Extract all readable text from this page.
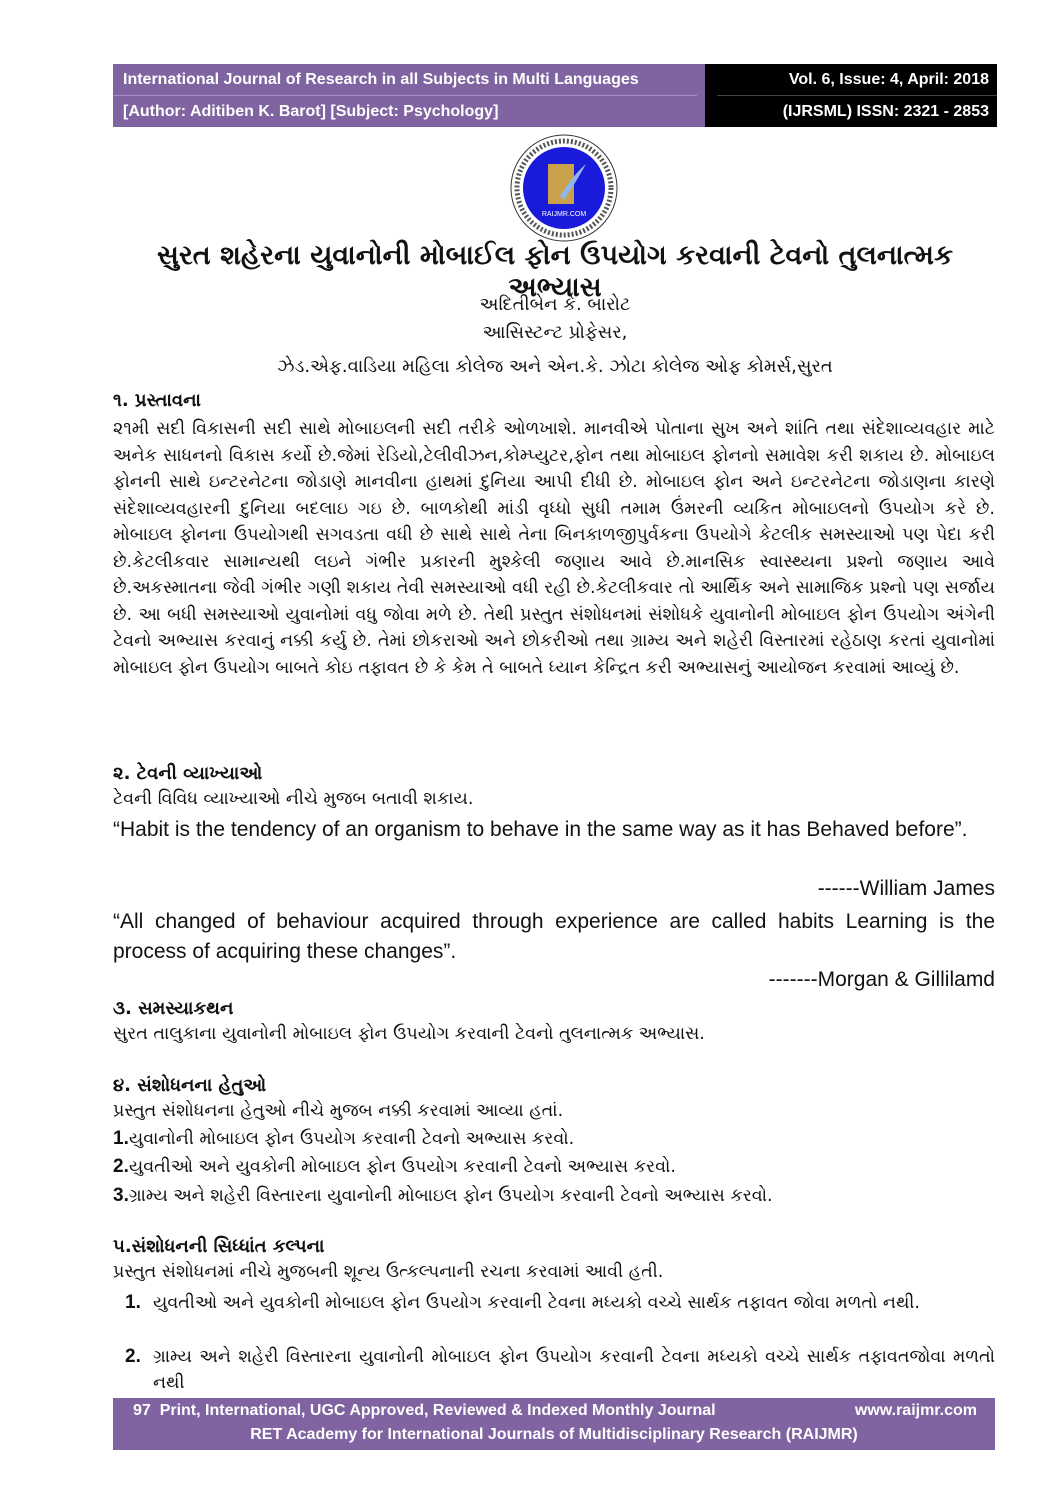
International Journal of Research in all Subjects in Multi Languages
[Author: Aditiben K. Barot] [Subject: Psychology]
Vol. 6, Issue: 4, April: 2018
(IJRSML) ISSN: 2321 - 2853
RAIJMR.COM
સુરત શહેરના યુવાનોની મોબાઈલ ફોન ઉપયોગ કરવાની ટેવનો તુલનાત્મક અભ્યાસ
અદિતીબેન કે. બારોટ
આસિસ્ટન્ટ પ્રોફેસર,
ઝેડ.એફ.વાડિયા મહિલા કોલેજ અને એન.કે. ઝોટા કોલેજ ઓફ કોમર્સ,સુરત
૧. પ્રસ્તાવના
૨૧મી સદી વિકાસની સદી સાથે મોબાઇલની સદી તરીકે ઓળખાશે. માનવીએ પોતાના સુખ અને શાંતિ તથા સંદેશાવ્યવહાર માટે અનેક સાધનનો વિકાસ કર્યો છે.જેમાં રેડિયો,ટેલીવીઝન,કોમ્પ્યુટર,ફોન તથા મોબાઇલ ફોનનો સમાવેશ કરી શકાય છે. મોબાઇલ ફોનની સાથે ઇન્ટરનેટના જોડાણે માનવીના હાથમાં દુનિયા આપી દીધી છે. મોબાઇલ ફોન અને ઇન્ટરનેટના જોડાણના કારણે સંદેશાવ્યવહારની દુનિયા બદલાઇ ગઇ છે. બાળકોથી માંડી વૃધ્ધો સુધી તમામ ઉંમરની વ્યકિત મોબાઇલનો ઉપયોગ કરે છે. મોબાઇલ ફોનના ઉપયોગથી સગવડતા વધી છે સાથે સાથે તેના બિનકાળજીપુર્વકના ઉપયોગે કેટલીક સમસ્યાઓ પણ પેદા કરી છે.કેટલીકવાર સામાન્યથી લઇને ગંભીર પ્રકારની મુશ્કેલી જણાય આવે છે.માનસિક સ્વાસ્થ્યના પ્રશ્નો જણાય આવે છે.અકસ્માતના જેવી ગંભીર ગણી શકાય તેવી સમસ્યાઓ વધી રહી છે.કેટલીકવાર તો આર્થિક અને સામાજિક પ્રશ્નો પણ સર્જાય છે. આ બધી સમસ્યાઓ યુવાનોમાં વધુ જોવા મળે છે. તેથી પ્રસ્તુત સંશોધનમાં સંશોધકે યુવાનોની મોબાઇલ ફોન ઉપયોગ અંગેની ટેવનો અભ્યાસ કરવાનું નક્કી કર્યુ છે. તેમાં છોકરાઓ અને છોકરીઓ તથા ગ્રામ્ય અને શહેરી વિસ્તારમાં રહેઠાણ કરતાં યુવાનોમાં મોબાઇલ ફોન ઉપયોગ બાબતે કોઇ તફાવત છે કે કેમ તે બાબતે ધ્યાન કેન્દ્રિત કરી અભ્યાસનું આયોજન કરવામાં આવ્યું છે.
૨. ટેવની વ્યાખ્યાઓ
ટેવની વિવિધ વ્યાખ્યાઓ નીચે મુજબ બતાવી શકાય.
“Habit is the tendency of an organism to behave in the same way as it has Behaved before”.
------William James
“All changed of behaviour acquired through experience are called habits Learning is the process of acquiring these changes”.
-------Morgan & Gillilamd
૩. સમસ્યાકથન
સુરત તાલુકાના યુવાનોની મોબાઇલ ફોન ઉપયોગ કરવાની ટેવનો તુલનાત્મક અભ્યાસ.
૪. સંશોધનના હેતુઓ
પ્રસ્તુત સંશોધનના હેતુઓ નીચે મુજબ નક્કી કરવામાં આવ્યા હતાં.
1.યુવાનોની મોબાઇલ ફોન ઉપયોગ કરવાની ટેવનો અભ્યાસ કરવો.
2.યુવતીઓ અને યુવકોની મોબાઇલ ફોન ઉપયોગ કરવાની ટેવનો અભ્યાસ કરવો.
3.ગ્રામ્ય અને શહેરી વિસ્તારના યુવાનોની મોબાઇલ ફોન ઉપયોગ કરવાની ટેવનો અભ્યાસ કરવો.
૫.સંશોધનની સિધ્ધાંત કલ્પના
પ્રસ્તુત સંશોધનમાં નીચે મુજબની શૂન્ય ઉત્કલ્પનાની રચના કરવામાં આવી હતી.
1. યુવતીઓ અને યુવકોની મોબાઇલ ફોન ઉપયોગ કરવાની ટેવના મધ્યકો વચ્ચે સાર્થક તફાવત જોવા મળતો નથી.
2. ગ્રામ્ય અને શહેરી વિસ્તારના યુવાનોની મોબાઇલ ફોન ઉપયોગ કરવાની ટેવના મધ્યકો વચ્ચે સાર્થક તફાવતજોવા મળતો નથી
97 Print, International, UGC Approved, Reviewed & Indexed Monthly Journal	www.raijmr.com
RET Academy for International Journals of Multidisciplinary Research (RAIJMR)
